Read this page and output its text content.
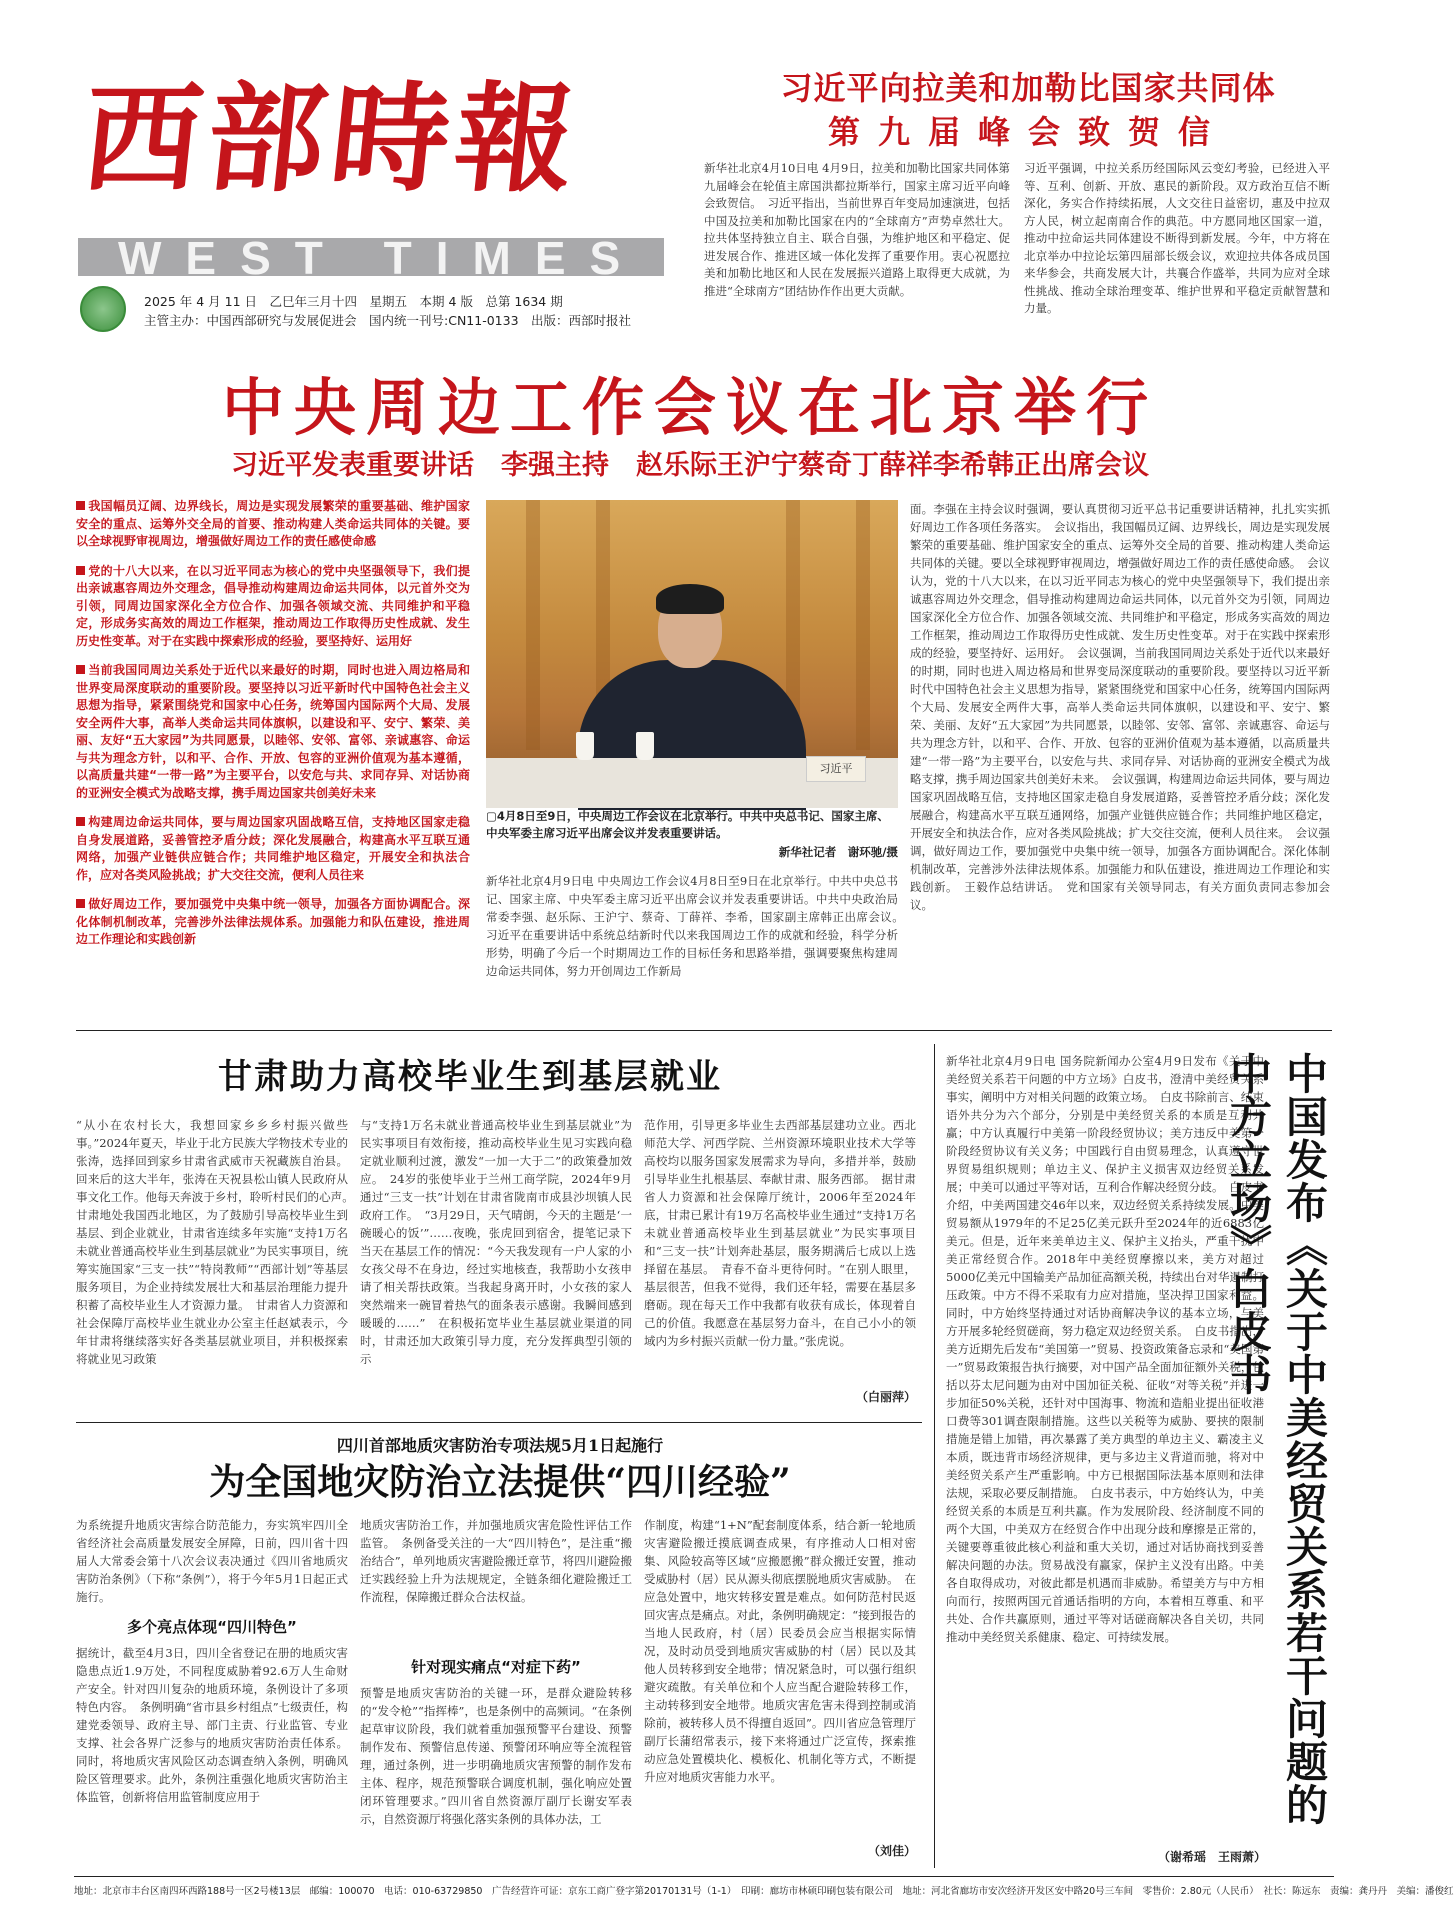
西部時報
WEST TIMES
2025 年 4 月 11 日　乙巳年三月十四　星期五　本期 4 版　总第 1634 期
主管主办：中国西部研究与发展促进会　国内统一刊号:CN11-0133　出版：西部时报社
习近平向拉美和加勒比国家共同体
第九届峰会致贺信
新华社北京4月10日电 4月9日，拉美和加勒比国家共同体第九届峰会在轮值主席国洪都拉斯举行，国家主席习近平向峰会致贺信。　习近平指出，当前世界百年变局加速演进，包括中国及拉美和加勒比国家在内的“全球南方”声势卓然壮大。拉共体坚持独立自主、联合自强，为维护地区和平稳定、促进发展合作、推进区域一体化发挥了重要作用。衷心祝愿拉美和加勒比地区和人民在发展振兴道路上取得更大成就，为推进“全球南方”团结协作作出更大贡献。
习近平强调，中拉关系历经国际风云变幻考验，已经进入平等、互利、创新、开放、惠民的新阶段。双方政治互信不断深化，务实合作持续拓展，人文交往日益密切，惠及中拉双方人民，树立起南南合作的典范。中方愿同地区国家一道，推动中拉命运共同体建设不断得到新发展。今年，中方将在北京举办中拉论坛第四届部长级会议，欢迎拉共体各成员国来华参会，共商发展大计，共襄合作盛举，共同为应对全球性挑战、推动全球治理变革、维护世界和平稳定贡献智慧和力量。
中央周边工作会议在北京举行
习近平发表重要讲话　李强主持　赵乐际王沪宁蔡奇丁薛祥李希韩正出席会议
我国幅员辽阔、边界线长，周边是实现发展繁荣的重要基础、维护国家安全的重点、运筹外交全局的首要、推动构建人类命运共同体的关键。要以全球视野审视周边，增强做好周边工作的责任感使命感
党的十八大以来，在以习近平同志为核心的党中央坚强领导下，我们提出亲诚惠容周边外交理念，倡导推动构建周边命运共同体，以元首外交为引领，同周边国家深化全方位合作、加强各领域交流、共同维护和平稳定，形成务实高效的周边工作框架，推动周边工作取得历史性成就、发生历史性变革。对于在实践中探索形成的经验，要坚持好、运用好
当前我国同周边关系处于近代以来最好的时期，同时也进入周边格局和世界变局深度联动的重要阶段。要坚持以习近平新时代中国特色社会主义思想为指导，紧紧围绕党和国家中心任务，统筹国内国际两个大局、发展安全两件大事，高举人类命运共同体旗帜，以建设和平、安宁、繁荣、美丽、友好“五大家园”为共同愿景，以睦邻、安邻、富邻、亲诚惠容、命运与共为理念方针，以和平、合作、开放、包容的亚洲价值观为基本遵循，以高质量共建“一带一路”为主要平台，以安危与共、求同存异、对话协商的亚洲安全模式为战略支撑，携手周边国家共创美好未来
构建周边命运共同体，要与周边国家巩固战略互信，支持地区国家走稳自身发展道路，妥善管控矛盾分歧；深化发展融合，构建高水平互联互通网络，加强产业链供应链合作；共同维护地区稳定，开展安全和执法合作，应对各类风险挑战；扩大交往交流，便利人员往来
做好周边工作，要加强党中央集中统一领导，加强各方面协调配合。深化体制机制改革，完善涉外法律法规体系。加强能力和队伍建设，推进周边工作理论和实践创新
习近平
▢4月8日至9日，中央周边工作会议在北京举行。中共中央总书记、国家主席、中央军委主席习近平出席会议并发表重要讲话。
新华社记者　谢环驰/摄
新华社北京4月9日电 中央周边工作会议4月8日至9日在北京举行。中共中央总书记、国家主席、中央军委主席习近平出席会议并发表重要讲话。中共中央政治局常委李强、赵乐际、王沪宁、蔡奇、丁薛祥、李希，国家副主席韩正出席会议。　习近平在重要讲话中系统总结新时代以来我国周边工作的成就和经验，科学分析形势，明确了今后一个时期周边工作的目标任务和思路举措，强调要聚焦构建周边命运共同体，努力开创周边工作新局
面。李强在主持会议时强调，要认真贯彻习近平总书记重要讲话精神，扎扎实实抓好周边工作各项任务落实。　会议指出，我国幅员辽阔、边界线长，周边是实现发展繁荣的重要基础、维护国家安全的重点、运筹外交全局的首要、推动构建人类命运共同体的关键。要以全球视野审视周边，增强做好周边工作的责任感使命感。　会议认为，党的十八大以来，在以习近平同志为核心的党中央坚强领导下，我们提出亲诚惠容周边外交理念，倡导推动构建周边命运共同体，以元首外交为引领，同周边国家深化全方位合作、加强各领域交流、共同维护和平稳定，形成务实高效的周边工作框架，推动周边工作取得历史性成就、发生历史性变革。对于在实践中探索形成的经验，要坚持好、运用好。　会议强调，当前我国同周边关系处于近代以来最好的时期，同时也进入周边格局和世界变局深度联动的重要阶段。要坚持以习近平新时代中国特色社会主义思想为指导，紧紧围绕党和国家中心任务，统筹国内国际两个大局、发展安全两件大事，高举人类命运共同体旗帜，以建设和平、安宁、繁荣、美丽、友好“五大家园”为共同愿景，以睦邻、安邻、富邻、亲诚惠容、命运与共为理念方针，以和平、合作、开放、包容的亚洲价值观为基本遵循，以高质量共建“一带一路”为主要平台，以安危与共、求同存异、对话协商的亚洲安全模式为战略支撑，携手周边国家共创美好未来。　会议强调，构建周边命运共同体，要与周边国家巩固战略互信，支持地区国家走稳自身发展道路，妥善管控矛盾分歧；深化发展融合，构建高水平互联互通网络，加强产业链供应链合作；共同维护地区稳定，开展安全和执法合作，应对各类风险挑战；扩大交往交流，便利人员往来。　会议强调，做好周边工作，要加强党中央集中统一领导，加强各方面协调配合。深化体制机制改革，完善涉外法律法规体系。加强能力和队伍建设，推进周边工作理论和实践创新。　王毅作总结讲话。　党和国家有关领导同志，有关方面负责同志参加会议。
甘肃助力高校毕业生到基层就业
“从小在农村长大，我想回家乡乡乡村振兴做些事。”2024年夏天，毕业于北方民族大学物技术专业的张涛，选择回到家乡甘肃省武威市天祝藏族自治县。回来后的这大半年，张涛在天祝县松山镇人民政府从事文化工作。他每天奔波于乡村，聆听村民们的心声。　甘肃地处我国西北地区，为了鼓励引导高校毕业生到基层、到企业就业，甘肃省连续多年实施“支持1万名未就业普通高校毕业生到基层就业”为民实事项目，统筹实施国家“三支一扶”“特岗教师”“西部计划”等基层服务项目，为企业持续发展壮大和基层治理能力提升积蓄了高校毕业生人才资源力量。　甘肃省人力资源和社会保障厅高校毕业生就业办公室主任赵斌表示，今年甘肃将继续落实好各类基层就业项目，并积极探索将就业见习政策
与“支持1万名未就业普通高校毕业生到基层就业”为民实事项目有效衔接，推动高校毕业生见习实践向稳定就业顺利过渡，激发“一加一大于二”的政策叠加效应。　24岁的张使毕业于兰州工商学院，2024年9月通过“三支一扶”计划在甘肃省陇南市成县沙坝镇人民政府工作。　“3月29日，天气晴朗，今天的主题是‘一碗暖心的饭’”……夜晚，张虎回到宿舍，提笔记录下当天在基层工作的情况：“今天我发现有一户人家的小女孩父母不在身边，经过实地核查，我帮助小女孩申请了相关帮扶政策。当我起身离开时，小女孩的家人突然端来一碗冒着热气的面条表示感谢。我瞬间感到暖暖的……”　在积极拓宽毕业生基层就业渠道的同时，甘肃还加大政策引导力度，充分发挥典型引领的示
范作用，引导更多毕业生去西部基层建功立业。西北师范大学、河西学院、兰州资源环境职业技术大学等高校均以服务国家发展需求为导向，多措并举，鼓励引导毕业生扎根基层、奉献甘肃、服务西部。　据甘肃省人力资源和社会保障厅统计，2006年至2024年底，甘肃已累计有19万名高校毕业生通过“支持1万名未就业普通高校毕业生到基层就业”为民实事项目和“三支一扶”计划奔赴基层，服务期满后七成以上选择留在基层。　青春不奋斗更待何时。“在别人眼里，基层很苦，但我不觉得，我们还年轻，需要在基层多磨砺。现在每天工作中我都有收获有成长，体现着自己的价值。我愿意在基层努力奋斗，在自己小小的领域内为乡村振兴贡献一份力量。”张虎说。
（白丽萍）
四川首部地质灾害防治专项法规5月1日起施行
为全国地灾防治立法提供“四川经验”
为系统提升地质灾害综合防范能力，夯实筑牢四川全省经济社会高质量发展安全屏障，日前，四川省十四届人大常委会第十八次会议表决通过《四川省地质灾害防治条例》（下称“条例”），将于今年5月1日起正式施行。
多个亮点体现“四川特色”
据统计，截至4月3日，四川全省登记在册的地质灾害隐患点近1.9万处，不同程度威胁着92.6万人生命财产安全。针对四川复杂的地质环境，条例设计了多项特色内容。　条例明确“省市县乡村组点”七级责任，构建党委领导、政府主导、部门主责、行业监管、专业支撑、社会各界广泛参与的地质灾害防治责任体系。同时，将地质灾害风险区动态调查纳入条例，明确风险区管理要求。此外，条例注重强化地质灾害防治主体监管，创新将信用监管制度应用于
地质灾害防治工作，并加强地质灾害危险性评估工作监管。　条例备受关注的一大“四川特色”，是注重“搬治结合”，单列地质灾害避险搬迁章节，将四川避险搬迁实践经验上升为法规规定，全链条细化避险搬迁工作流程，保障搬迁群众合法权益。
针对现实痛点“对症下药”
预警是地质灾害防治的关键一环，是群众避险转移的“发令枪”“指挥棒”，也是条例中的高频词。“在条例起草审议阶段，我们就着重加强预警平台建设、预警制作发布、预警信息传递、预警闭环响应等全流程管理，通过条例，进一步明确地质灾害预警的制作发布主体、程序，规范预警联合调度机制，强化响应处置闭环管理要求。”四川省自然资源厅副厅长谢安军表示，自然资源厅将强化落实条例的具体办法，工
作制度，构建“1+N”配套制度体系，结合新一轮地质灾害避险搬迁摸底调查成果，有序推动人口相对密集、风险较高等区域“应搬愿搬”群众搬迁安置，推动受威胁村（居）民从源头彻底摆脱地质灾害威胁。　在应急处置中，地灾转移安置是难点。如何防范村民返回灾害点是痛点。对此，条例明确规定：“接到报告的当地人民政府，村（居）民委员会应当根据实际情况，及时动员受到地质灾害威胁的村（居）民以及其他人员转移到安全地带；情况紧急时，可以强行组织避灾疏散。有关单位和个人应当配合避险转移工作，主动转移到安全地带。地质灾害危害未得到控制或消除前，被转移人员不得擅自返回”。四川省应急管理厅副厅长蒲绍常表示，接下来将通过广泛宣传，探索推动应急处置模块化、模板化、机制化等方式，不断提升应对地质灾害能力水平。
（刘佳）
新华社北京4月9日电 国务院新闻办公室4月9日发布《关于中美经贸关系若干问题的中方立场》白皮书，澄清中美经贸关系事实，阐明中方对相关问题的政策立场。　白皮书除前言、结束语外共分为六个部分，分别是中美经贸关系的本质是互利共赢；中方认真履行中美第一阶段经贸协议；美方违反中美第一阶段经贸协议有关义务；中国践行自由贸易理念，认真遵守世界贸易组织规则；单边主义、保护主义损害双边经贸关系发展；中美可以通过平等对话，互利合作解决经贸分歧。　白皮书介绍，中美两国建交46年以来，双边经贸关系持续发展。中美贸易额从1979年的不足25亿美元跃升至2024年的近6883亿美元。但是，近年来美单边主义、保护主义抬头，严重干扰中美正常经贸合作。2018年中美经贸摩擦以来，美方对超过5000亿美元中国输美产品加征高额关税，持续出台对华遏制打压政策。中方不得不采取有力应对措施，坚决捍卫国家利益。同时，中方始终坚持通过对话协商解决争议的基本立场，与美方开展多轮经贸磋商，努力稳定双边经贸关系。　白皮书指出，美方近期先后发布“美国第一”贸易、投资政策备忘录和“美国第一”贸易政策报告执行摘要，对中国产品全面加征额外关税，包括以芬太尼问题为由对中国加征关税、征收“对等关税”并进一步加征50%关税，还针对中国海事、物流和造船业提出征收港口费等301调查限制措施。这些以关税等为威胁、要挟的限制措施是错上加错，再次暴露了美方典型的单边主义、霸凌主义本质，既违背市场经济规律，更与多边主义背道而驰，将对中美经贸关系产生严重影响。中方已根据国际法基本原则和法律法规，采取必要反制措施。　白皮书表示，中方始终认为，中美经贸关系的本质是互利共赢。作为发展阶段、经济制度不同的两个大国，中美双方在经贸合作中出现分歧和摩擦是正常的，关键要尊重彼此核心利益和重大关切，通过对话协商找到妥善解决问题的办法。贸易战没有赢家，保护主义没有出路。中美各自取得成功，对彼此都是机遇而非威胁。希望美方与中方相向而行，按照两国元首通话指明的方向，本着相互尊重、和平共处、合作共赢原则，通过平等对话磋商解决各自关切，共同推动中美经贸关系健康、稳定、可持续发展。
（谢希瑶　王雨萧）
中国发布《关于中美经贸关系若干问题的中方立场》白皮书
地址：北京市丰台区南四环西路188号一区2号楼13层　邮编：100070　电话：010-63729850　广告经营许可证：京东工商广登字第20170131号（1-1）　印刷：廊坊市林硕印刷包装有限公司　地址：河北省廊坊市安次经济开发区安中路20号三车间　零售价：2.80元（人民币）　社长：陈远东　责编：龚丹丹　美编：潘俊红
